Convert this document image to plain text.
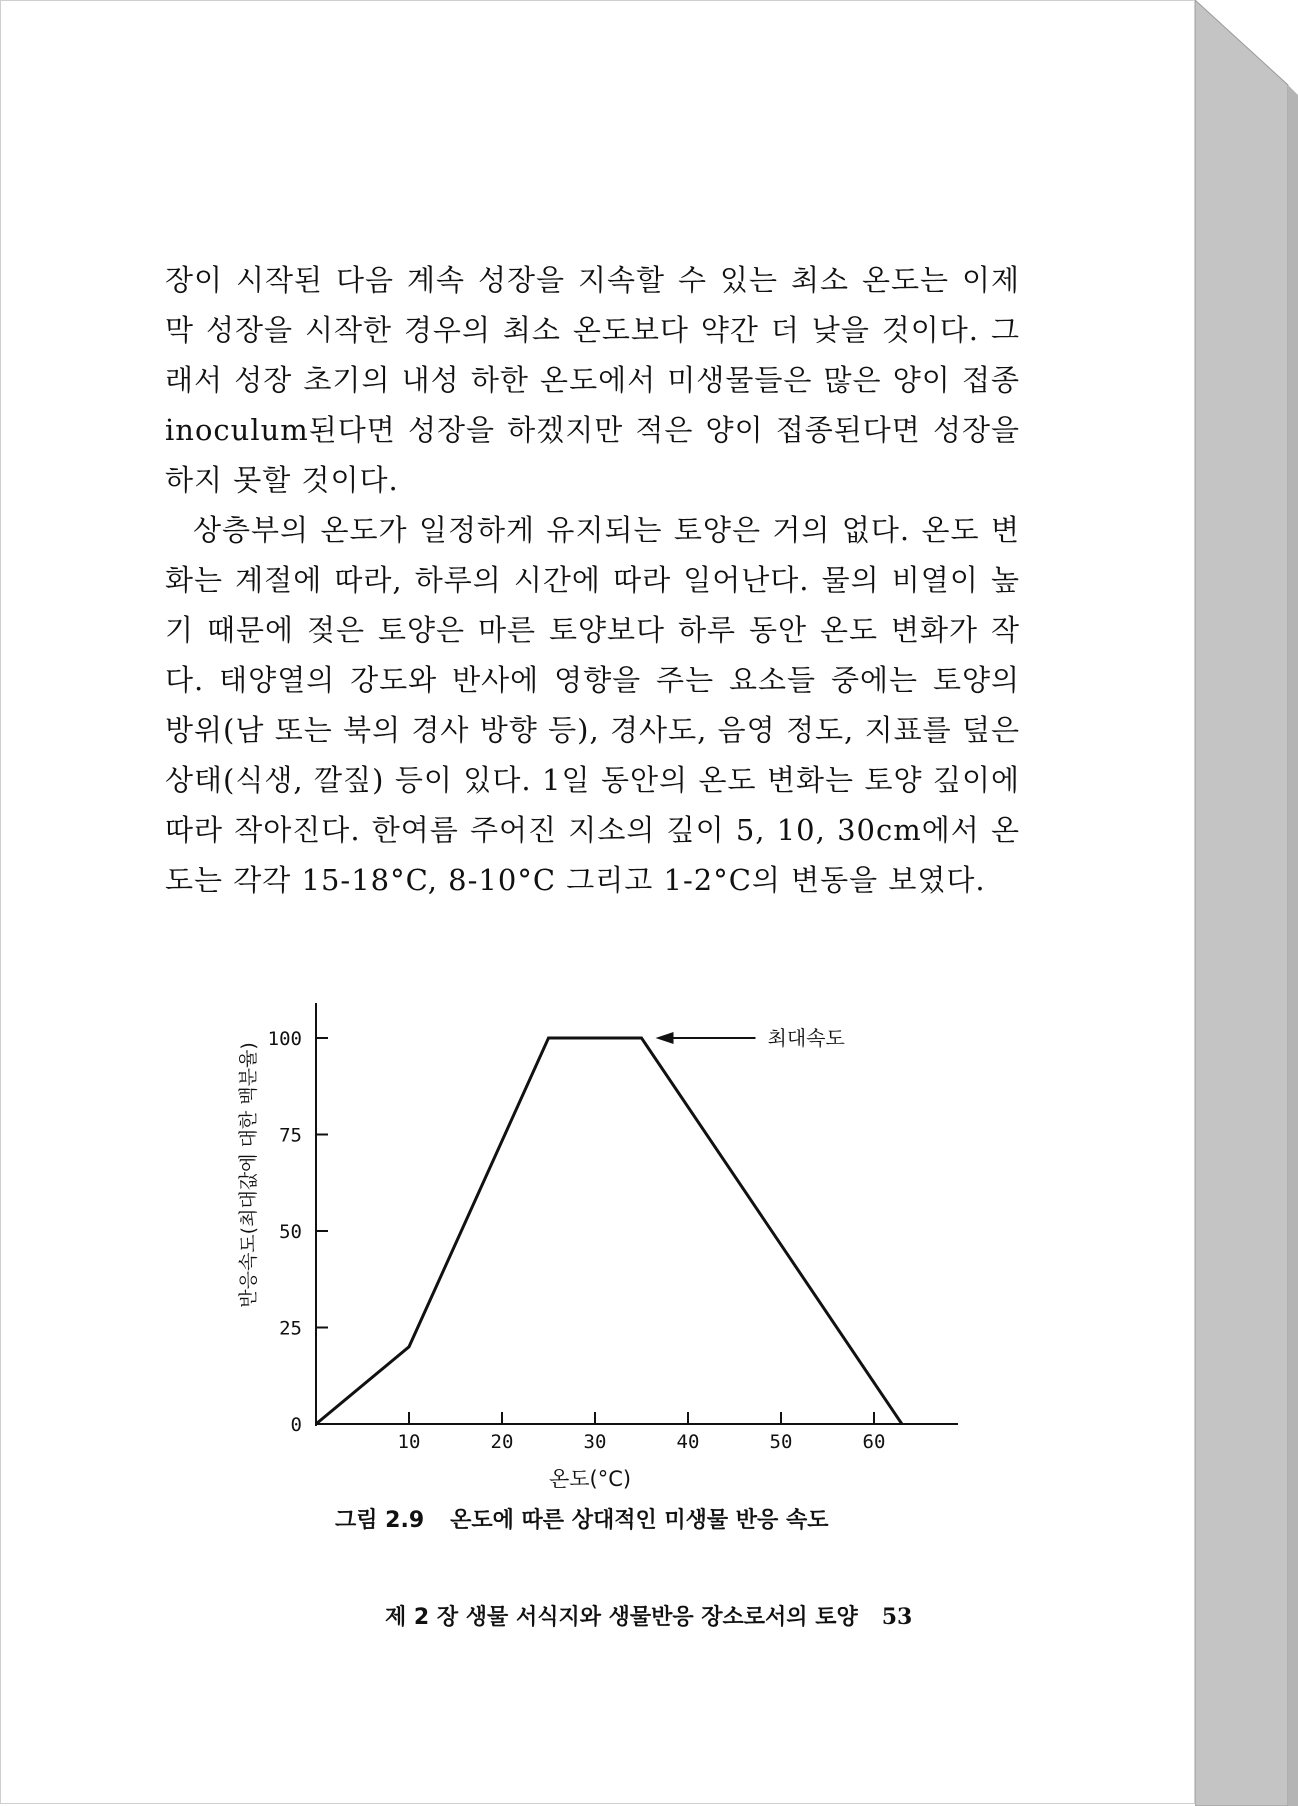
장이 시작된 다음 계속 성장을 지속할 수 있는 최소 온도는 이제 막 성장을 시작한 경우의 최소 온도보다 약간 더 낮을 것이다. 그래서 성장 초기의 내성 하한 온도에서 미생물들은 많은 양이 접종 inoculum된다면 성장을 하겠지만 적은 양이 접종된다면 성장을 하지 못할 것이다.

상층부의 온도가 일정하게 유지되는 토양은 거의 없다. 온도 변화는 계절에 따라, 하루의 시간에 따라 일어난다. 물의 비열이 높기 때문에 젖은 토양은 마른 토양보다 하루 동안 온도 변화가 작다. 태양열의 강도와 반사에 영향을 주는 요소들 중에는 토양의 방위(남 또는 북의 경사 방향 등), 경사도, 음영 정도, 지표를 덮은 상태(식생, 깔짚) 등이 있다. 1일 동안의 온도 변화는 토양 깊이에 따라 작아진다. 한여름 주어진 지소의 깊이 5, 10, 30cm에서 온도는 각각 15-18°C, 8-10°C 그리고 1-2°C의 변동을 보였다.

0
25
50
75
100
10	20	30	40	50	60
최대속도
반응속도(최대값에 대한 백분율)
온도(°C)
그림 2.9 온도에 따른 상대적인 미생물 반응 속도
제 2 장 생물 서식지와 생물반응 장소로서의 토양 53
